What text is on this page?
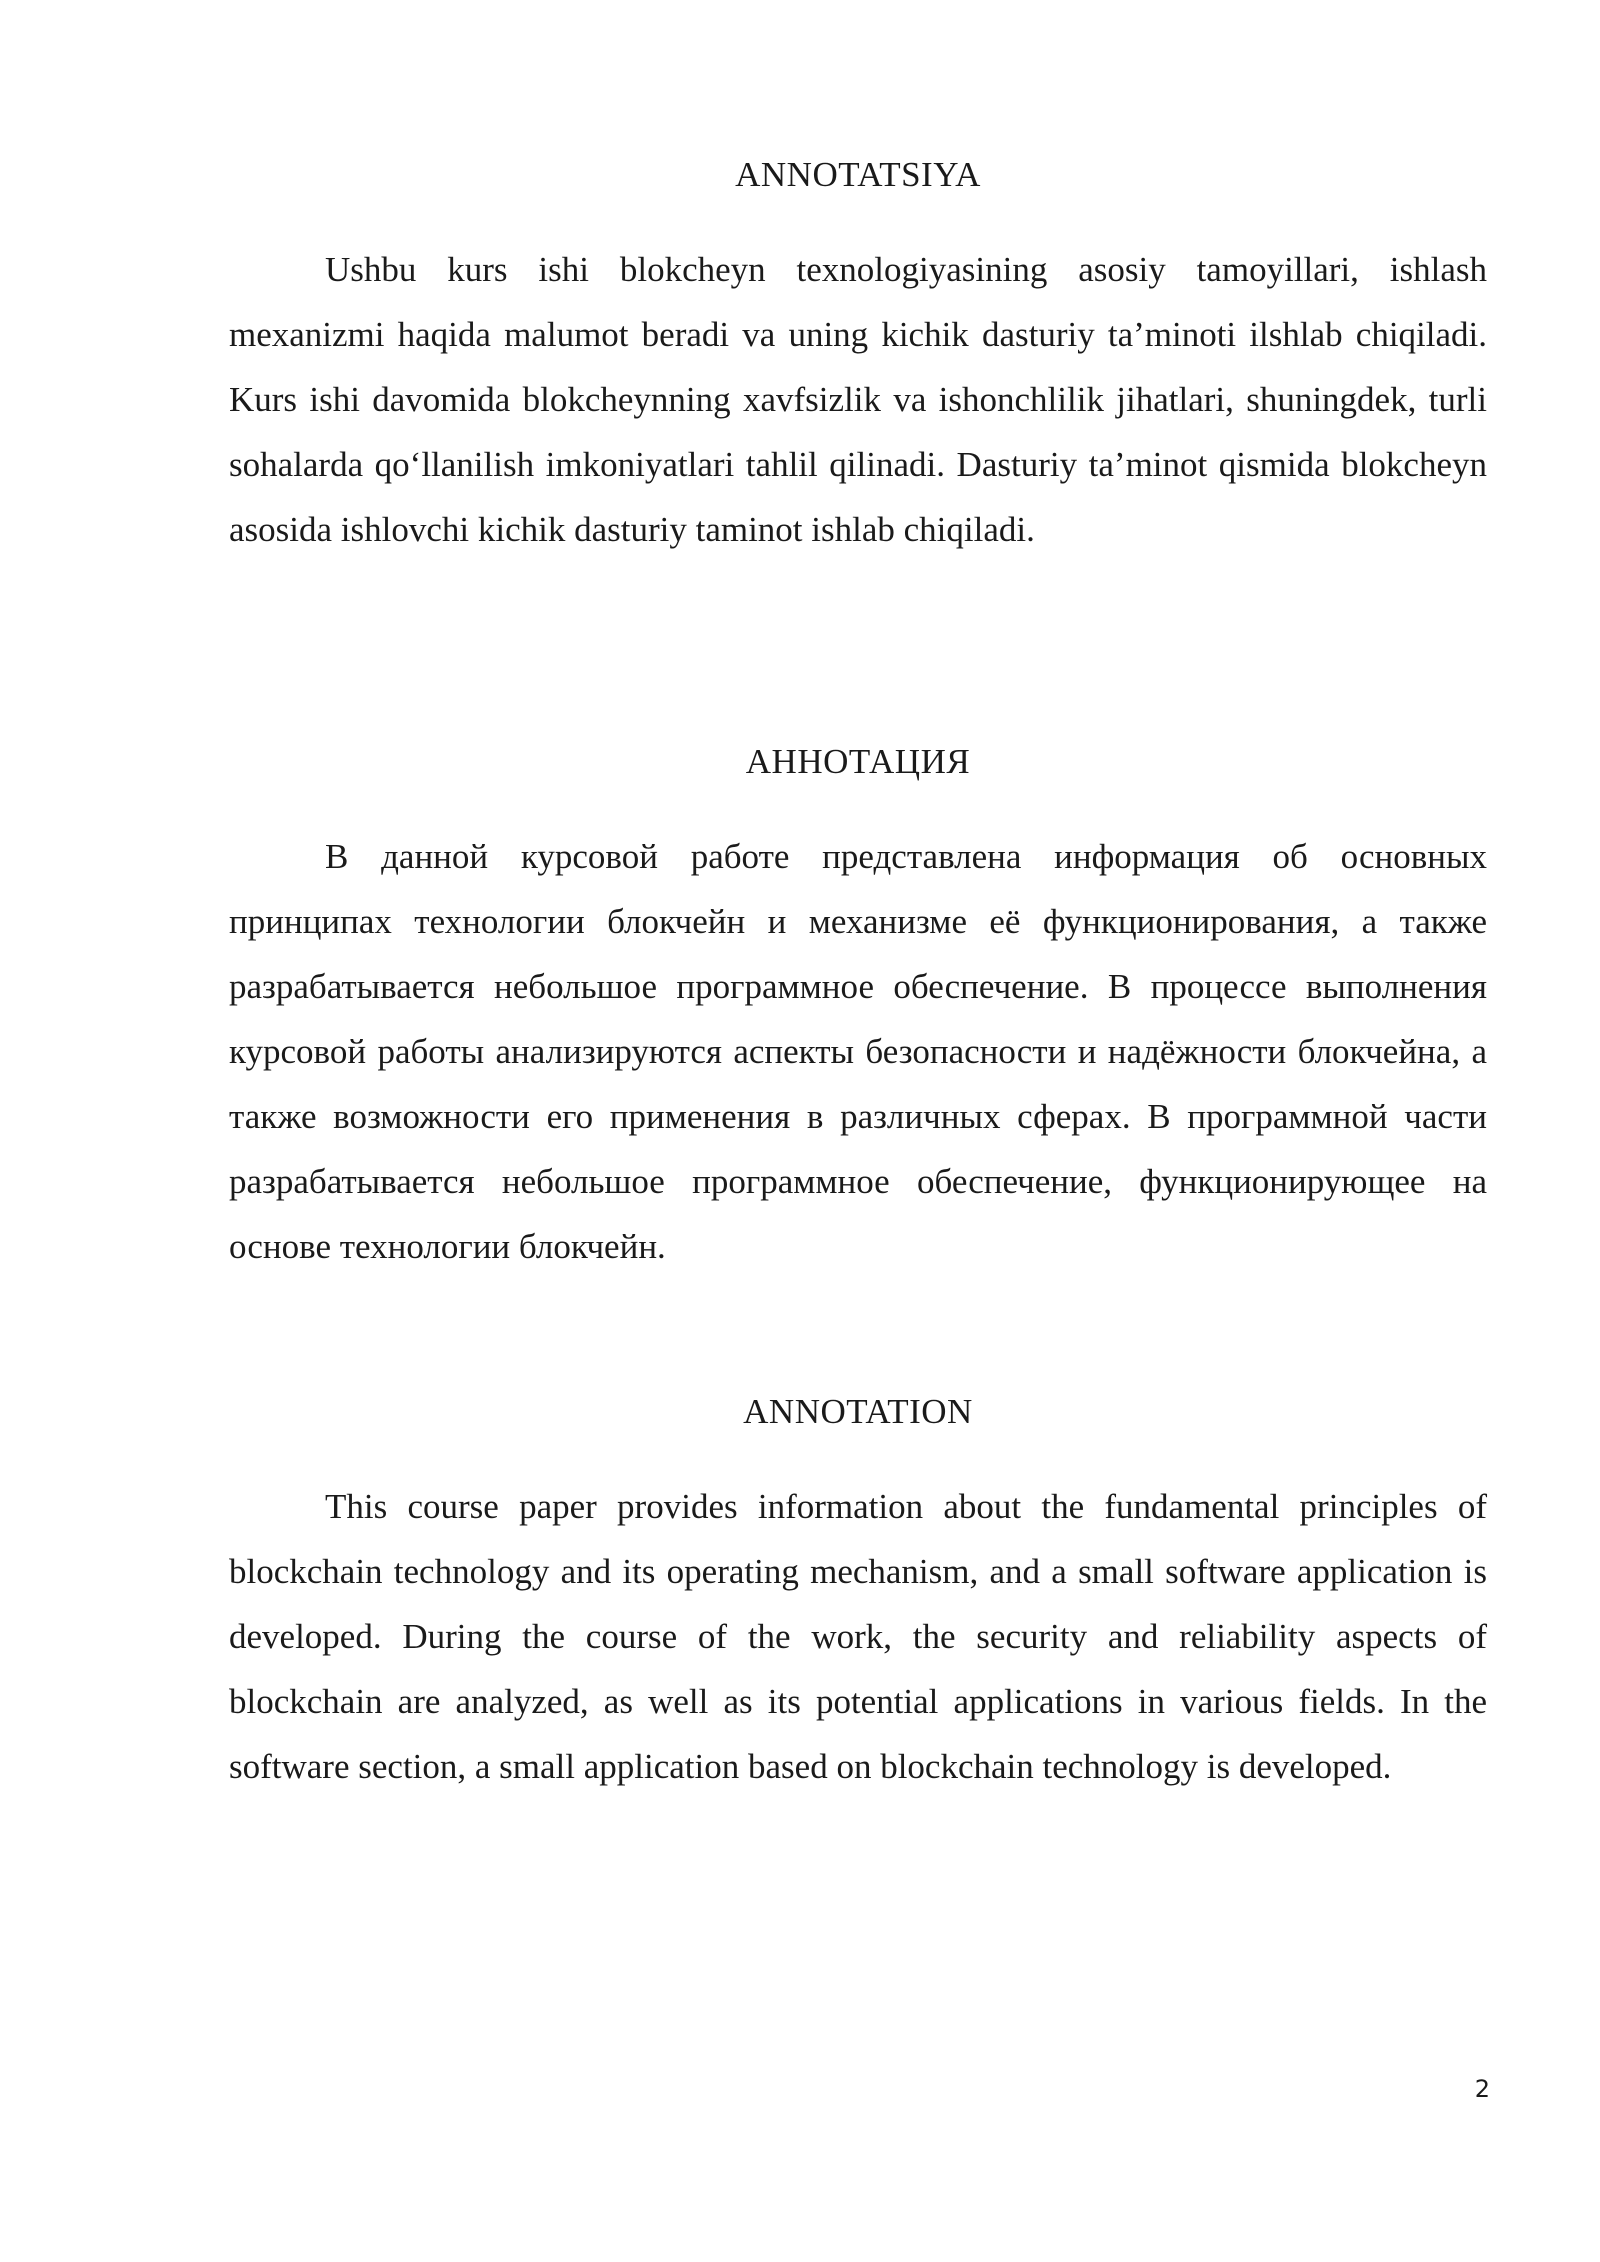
ANNOTATSIYA

Ushbu kurs ishi blokcheyn texnologiyasining asosiy tamoyillari, ishlash mexanizmi haqida malumot beradi va uning kichik dasturiy ta’minoti ilshlab chiqiladi. Kurs ishi davomida blokcheynning xavfsizlik va ishonchlilik jihatlari, shuningdek, turli sohalarda qo‘llanilish imkoniyatlari tahlil qilinadi. Dasturiy ta’minot qismida blokcheyn asosida ishlovchi kichik dasturiy taminot ishlab chiqiladi.

АННОТАЦИЯ

В данной курсовой работе представлена информация об основных принципах технологии блокчейн и механизме её функционирования, а также разрабатывается небольшое программное обеспечение. В процессе выполнения курсовой работы анализируются аспекты безопасности и надёжности блокчейна, а также возможности его применения в различных сферах. В программной части разрабатывается небольшое программное обеспечение, функционирующее на основе технологии блокчейн.

ANNOTATION

This course paper provides information about the fundamental principles of blockchain technology and its operating mechanism, and a small software application is developed. During the course of the work, the security and reliability aspects of blockchain are analyzed, as well as its potential applications in various fields. In the software section, a small application based on blockchain technology is developed.

2
